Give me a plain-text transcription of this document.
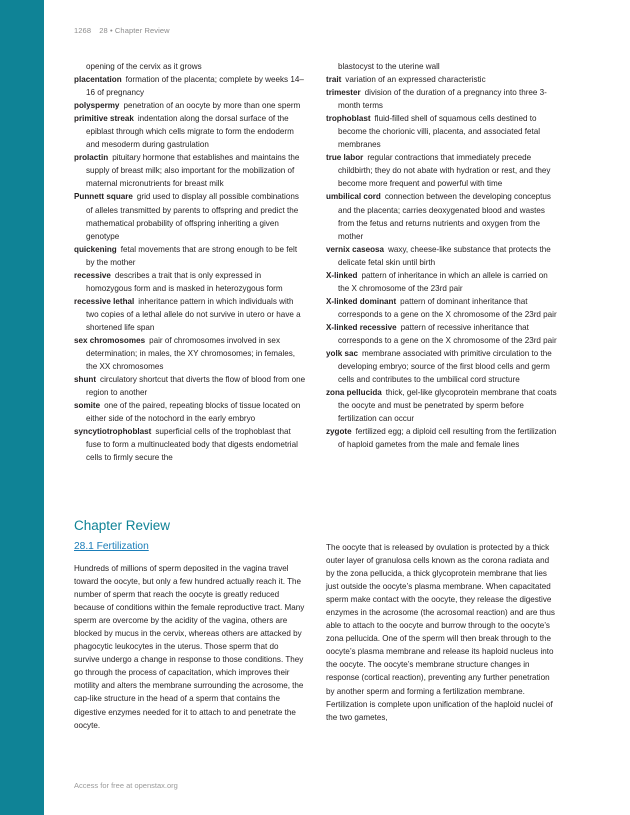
1268 28 • Chapter Review

opening of the cervix as it grows

placentation formation of the placenta; complete by weeks 14–16 of pregnancy

polyspermy penetration of an oocyte by more than one sperm

primitive streak indentation along the dorsal surface of the epiblast through which cells migrate to form the endoderm and mesoderm during gastrulation

prolactin pituitary hormone that establishes and maintains the supply of breast milk; also important for the mobilization of maternal micronutrients for breast milk

Punnett square grid used to display all possible combinations of alleles transmitted by parents to offspring and predict the mathematical probability of offspring inheriting a given genotype

quickening fetal movements that are strong enough to be felt by the mother

recessive describes a trait that is only expressed in homozygous form and is masked in heterozygous form

recessive lethal inheritance pattern in which individuals with two copies of a lethal allele do not survive in utero or have a shortened life span

sex chromosomes pair of chromosomes involved in sex determination; in males, the XY chromosomes; in females, the XX chromosomes

shunt circulatory shortcut that diverts the flow of blood from one region to another

somite one of the paired, repeating blocks of tissue located on either side of the notochord in the early embryo

syncytiotrophoblast superficial cells of the trophoblast that fuse to form a multinucleated body that digests endometrial cells to firmly secure the

blastocyst to the uterine wall

trait variation of an expressed characteristic

trimester division of the duration of a pregnancy into three 3-month terms

trophoblast fluid-filled shell of squamous cells destined to become the chorionic villi, placenta, and associated fetal membranes

true labor regular contractions that immediately precede childbirth; they do not abate with hydration or rest, and they become more frequent and powerful with time

umbilical cord connection between the developing conceptus and the placenta; carries deoxygenated blood and wastes from the fetus and returns nutrients and oxygen from the mother

vernix caseosa waxy, cheese-like substance that protects the delicate fetal skin until birth

X-linked pattern of inheritance in which an allele is carried on the X chromosome of the 23rd pair

X-linked dominant pattern of dominant inheritance that corresponds to a gene on the X chromosome of the 23rd pair

X-linked recessive pattern of recessive inheritance that corresponds to a gene on the X chromosome of the 23rd pair

yolk sac membrane associated with primitive circulation to the developing embryo; source of the first blood cells and germ cells and contributes to the umbilical cord structure

zona pellucida thick, gel-like glycoprotein membrane that coats the oocyte and must be penetrated by sperm before fertilization can occur

zygote fertilized egg; a diploid cell resulting from the fertilization of haploid gametes from the male and female lines

Chapter Review
28.1 Fertilization

Hundreds of millions of sperm deposited in the vagina travel toward the oocyte, but only a few hundred actually reach it. The number of sperm that reach the oocyte is greatly reduced because of conditions within the female reproductive tract. Many sperm are overcome by the acidity of the vagina, others are blocked by mucus in the cervix, whereas others are attacked by phagocytic leukocytes in the uterus. Those sperm that do survive undergo a change in response to those conditions. They go through the process of capacitation, which improves their motility and alters the membrane surrounding the acrosome, the cap-like structure in the head of a sperm that contains the digestive enzymes needed for it to attach to and penetrate the oocyte.

The oocyte that is released by ovulation is protected by a thick outer layer of granulosa cells known as the corona radiata and by the zona pellucida, a thick glycoprotein membrane that lies just outside the oocyte’s plasma membrane. When capacitated sperm make contact with the oocyte, they release the digestive enzymes in the acrosome (the acrosomal reaction) and are thus able to attach to the oocyte and burrow through to the oocyte’s zona pellucida. One of the sperm will then break through to the oocyte’s plasma membrane and release its haploid nucleus into the oocyte. The oocyte’s membrane structure changes in response (cortical reaction), preventing any further penetration by another sperm and forming a fertilization membrane. Fertilization is complete upon unification of the haploid nuclei of the two gametes,

Access for free at openstax.org
